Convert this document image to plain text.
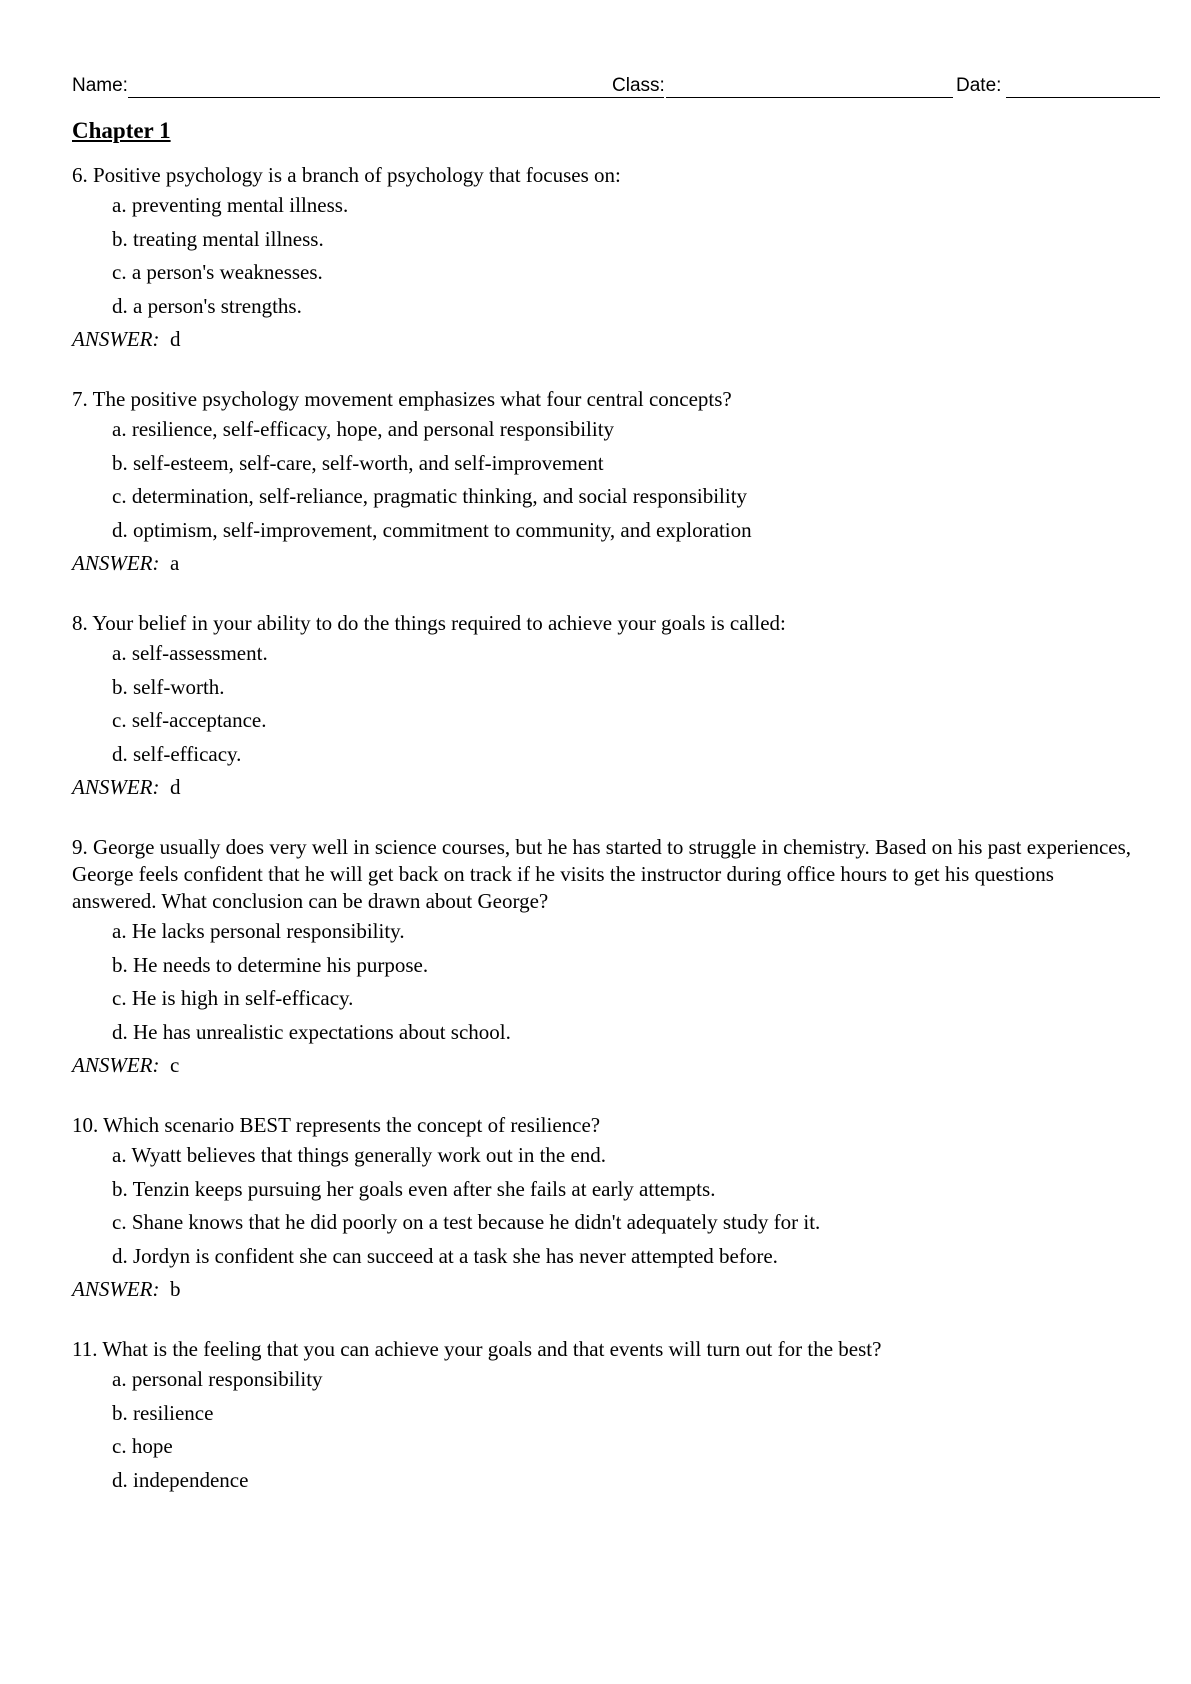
Name:	Class:	Date:
Chapter 1

6. Positive psychology is a branch of psychology that focuses on:

a. preventing mental illness.
b. treating mental illness.
c. a person's weaknesses.
d. a person's strengths.
ANSWER: d

7. The positive psychology movement emphasizes what four central concepts?

a. resilience, self-efficacy, hope, and personal responsibility
b. self-esteem, self-care, self-worth, and self-improvement
c. determination, self-reliance, pragmatic thinking, and social responsibility
d. optimism, self-improvement, commitment to community, and exploration
ANSWER: a

8. Your belief in your ability to do the things required to achieve your goals is called:

a. self-assessment.
b. self-worth.
c. self-acceptance.
d. self-efficacy.
ANSWER: d

9. George usually does very well in science courses, but he has started to struggle in chemistry. Based on his past experiences, George feels confident that he will get back on track if he visits the instructor during office hours to get his questions answered. What conclusion can be drawn about George?

a. He lacks personal responsibility.
b. He needs to determine his purpose.
c. He is high in self-efficacy.
d. He has unrealistic expectations about school.
ANSWER: c

10. Which scenario BEST represents the concept of resilience?

a. Wyatt believes that things generally work out in the end.
b. Tenzin keeps pursuing her goals even after she fails at early attempts.
c. Shane knows that he did poorly on a test because he didn't adequately study for it.
d. Jordyn is confident she can succeed at a task she has never attempted before.
ANSWER: b

11. What is the feeling that you can achieve your goals and that events will turn out for the best?

a. personal responsibility
b. resilience
c. hope
d. independence
